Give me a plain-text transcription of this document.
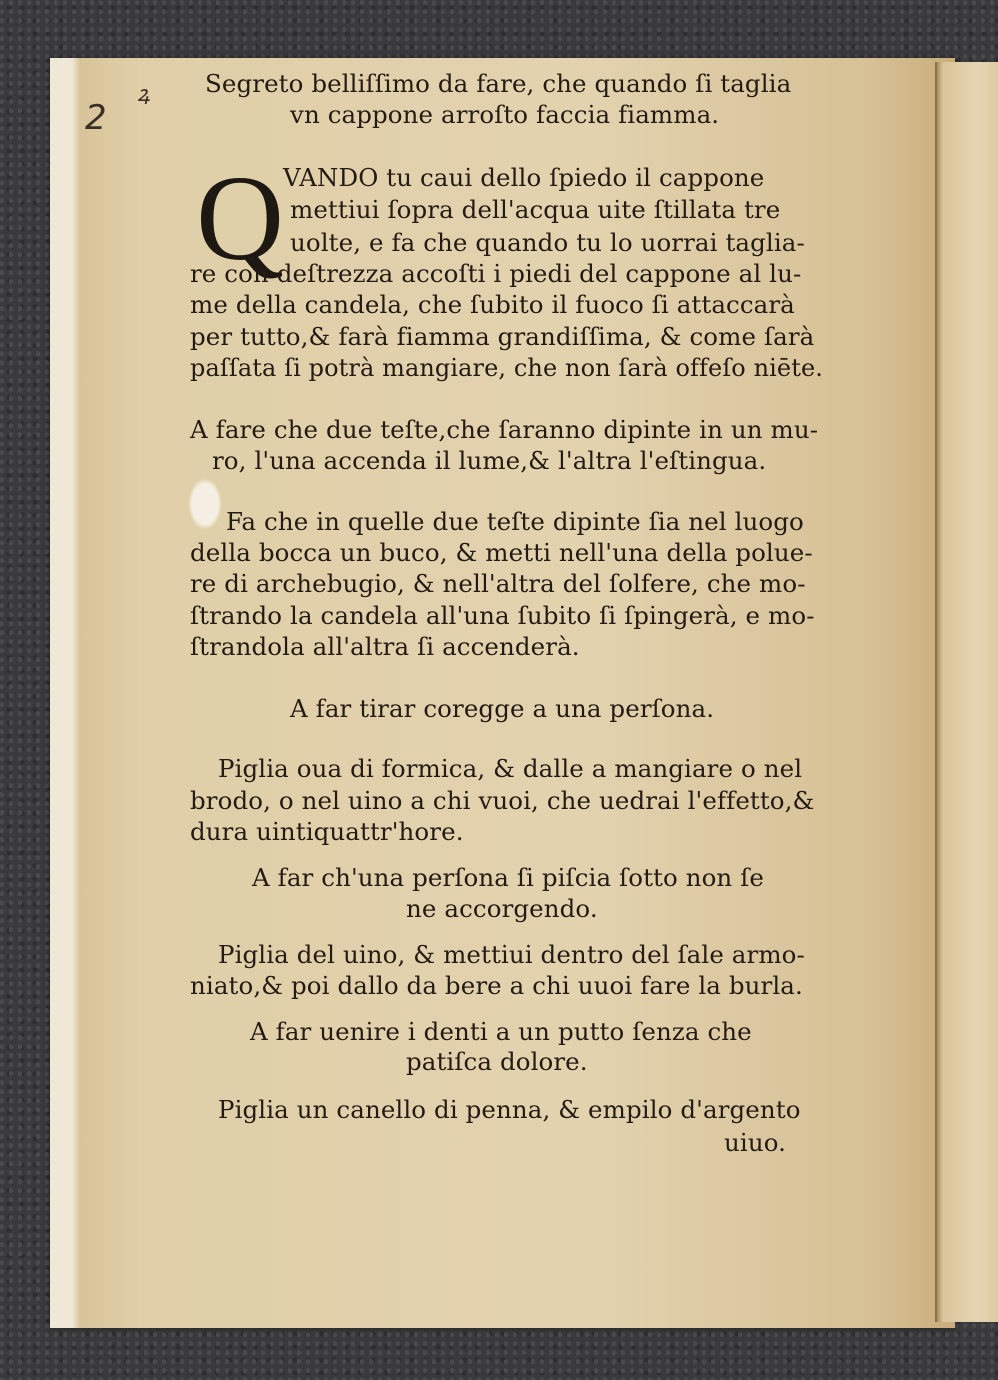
2
ꝝ
Q
Segreto belliſſimo da fare, che quando ſi taglia
vn cappone arroſto faccia fiamma.
VANDO tu caui dello ſpiedo il cappone
mettiui ſopra dell'acqua uite ſtillata tre
uolte, e fa che quando tu lo uorrai taglia-
re con deſtrezza accoſti i piedi del cappone al lu-
me della candela, che ſubito il fuoco ſi attaccarà
per tutto,& farà fiamma grandiſſima, & come ſarà
paſſata ſi potrà mangiare, che non ſarà offeſo niēte.
A fare che due teſte,che ſaranno dipinte in un mu-
ro, l'una accenda il lume,& l'altra l'eſtingua.
Fa che in quelle due teſte dipinte ſia nel luogo
della bocca un buco, & metti nell'una della polue-
re di archebugio, & nell'altra del ſolfere, che mo-
ſtrando la candela all'una ſubito ſi ſpingerà, e mo-
ſtrandola all'altra ſi accenderà.
A far tirar coregge a una perſona.
Piglia oua di formica, & dalle a mangiare o nel
brodo, o nel uino a chi vuoi, che uedrai l'effetto,&
dura uintiquattr'hore.
A far ch'una perſona ſi piſcia ſotto non ſe
ne accorgendo.
Piglia del uino, & mettiui dentro del ſale armo-
niato,& poi dallo da bere a chi uuoi fare la burla.
A far uenire i denti a un putto ſenza che
patiſca dolore.
Piglia un canello di penna, & empilo d'argento
uiuo.
